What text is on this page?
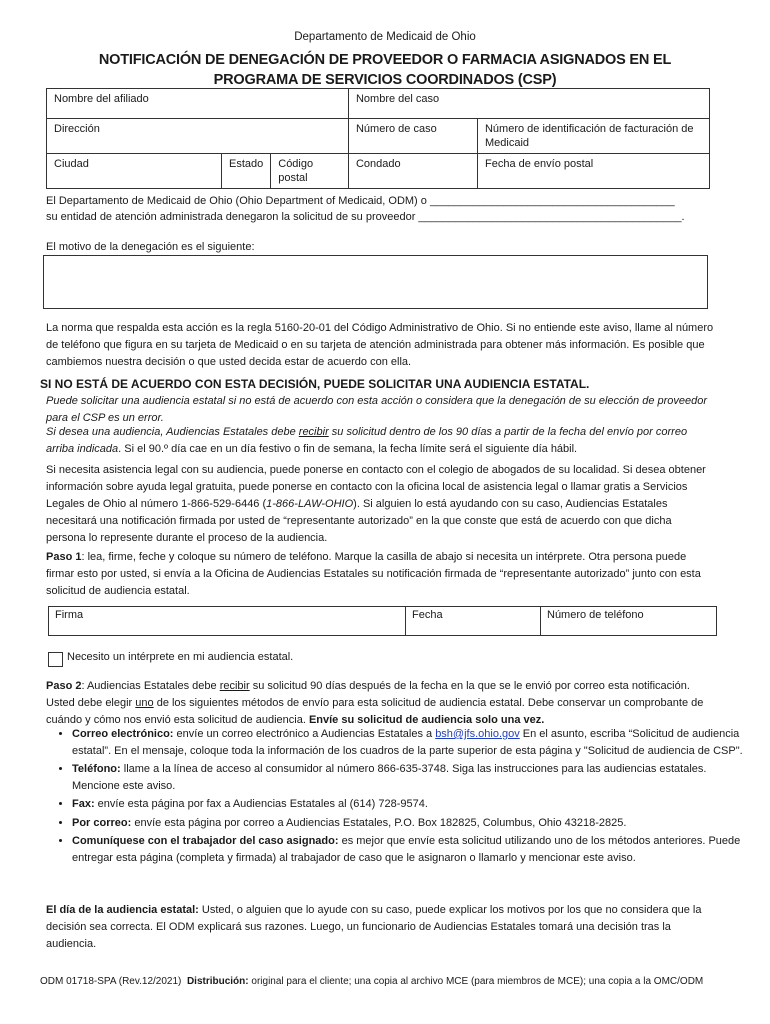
Departamento de Medicaid de Ohio
NOTIFICACIÓN DE DENEGACIÓN DE PROVEEDOR O FARMACIA ASIGNADOS EN EL
PROGRAMA DE SERVICIOS COORDINADOS (CSP)
Nombre del afiliado			Nombre del caso	
Dirección			Número de caso	Número de identificación de facturación de Medicaid
Ciudad	Estado	Código postal	Condado	Fecha de envío postal
El Departamento de Medicaid de Ohio (Ohio Department of Medicaid, ODM) o ________________________________________
su entidad de atención administrada denegaron la solicitud de su proveedor ___________________________________________.
El motivo de la denegación es el siguiente:
La norma que respalda esta acción es la regla 5160-20-01 del Código Administrativo de Ohio. Si no entiende este aviso, llame al número de teléfono que figura en su tarjeta de Medicaid o en su tarjeta de atención administrada para obtener más información. Es posible que cambiemos nuestra decisión o que usted decida estar de acuerdo con ella.
SI NO ESTÁ DE ACUERDO CON ESTA DECISIÓN, PUEDE SOLICITAR UNA AUDIENCIA ESTATAL.
Puede solicitar una audiencia estatal si no está de acuerdo con esta acción o considera que la denegación de su elección de proveedor para el CSP es un error.
Si desea una audiencia, Audiencias Estatales debe recibir su solicitud dentro de los 90 días a partir de la fecha del envío por correo arriba indicada. Si el 90.º día cae en un día festivo o fin de semana, la fecha límite será el siguiente día hábil.
Si necesita asistencia legal con su audiencia, puede ponerse en contacto con el colegio de abogados de su localidad. Si desea obtener información sobre ayuda legal gratuita, puede ponerse en contacto con la oficina local de asistencia legal o llamar gratis a Servicios Legales de Ohio al número 1-866-529-6446 (1-866-LAW-OHIO). Si alguien lo está ayudando con su caso, Audiencias Estatales necesitará una notificación firmada por usted de “representante autorizado” en la que conste que está de acuerdo con que dicha persona lo represente durante el proceso de la audiencia.
Paso 1: lea, firme, feche y coloque su número de teléfono. Marque la casilla de abajo si necesita un intérprete. Otra persona puede firmar esto por usted, si envía a la Oficina de Audiencias Estatales su notificación firmada de “representante autorizado” junto con esta solicitud de audiencia estatal.
Firma	Fecha	Número de teléfono
Necesito un intérprete en mi audiencia estatal.
Paso 2: Audiencias Estatales debe recibir su solicitud 90 días después de la fecha en la que se le envió por correo esta notificación. Usted debe elegir uno de los siguientes métodos de envío para esta solicitud de audiencia estatal. Debe conservar un comprobante de cuándo y cómo nos envió esta solicitud de audiencia. Envíe su solicitud de audiencia solo una vez.
• Correo electrónico: envíe un correo electrónico a Audiencias Estatales a bsh@jfs.ohio.gov En el asunto, escriba “Solicitud de audiencia estatal”. En el mensaje, coloque toda la información de los cuadros de la parte superior de esta página y "Solicitud de audiencia de CSP".
• Teléfono: llame a la línea de acceso al consumidor al número 866-635-3748. Siga las instrucciones para las audiencias estatales. Mencione este aviso.
• Fax: envíe esta página por fax a Audiencias Estatales al (614) 728-9574.
• Por correo: envíe esta página por correo a Audiencias Estatales, P.O. Box 182825, Columbus, Ohio 43218-2825.
• Comuníquese con el trabajador del caso asignado: es mejor que envíe esta solicitud utilizando uno de los métodos anteriores. Puede entregar esta página (completa y firmada) al trabajador de caso que le asignaron o llamarlo y mencionar este aviso.
El día de la audiencia estatal: Usted, o alguien que lo ayude con su caso, puede explicar los motivos por los que no considera que la decisión sea correcta. El ODM explicará sus razones. Luego, un funcionario de Audiencias Estatales tomará una decisión tras la audiencia.
ODM 01718-SPA (Rev.12/2021) Distribución: original para el cliente; una copia al archivo MCE (para miembros de MCE); una copia a la OMC/ODM
